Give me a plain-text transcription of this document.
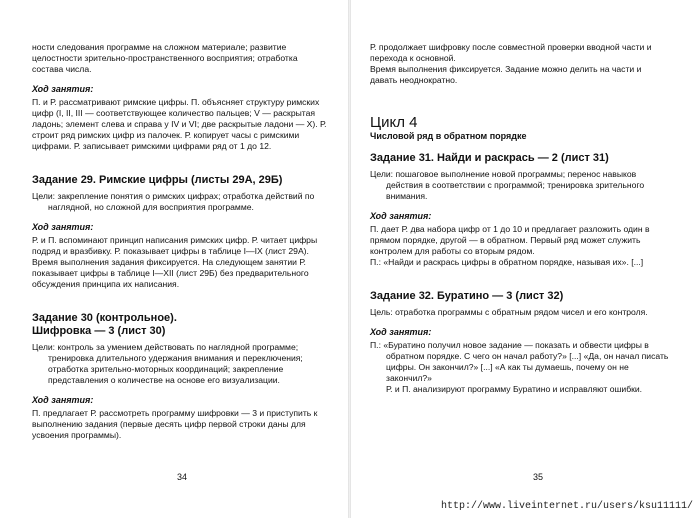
ности следования программе на сложном материале; развитие целостности зрительно-пространственного восприятия; отработка состава числа.

Ход занятия:

П. и Р. рассматривают римские цифры. П. объясняет структуру римских цифр (I, II, III — соответствующее количество пальцев; V — раскрытая ладонь; элемент слева и справа у IV и VI; две раскрытые ладони — X). Р. строит ряд римских цифр из палочек. Р. копирует часы с римскими цифрами. Р. записывает римскими цифрами ряд от 1 до 12.

Задание 29. Римские цифры (листы 29А, 29Б)

Цели: закрепление понятия о римских цифрах; отработка действий по наглядной, но сложной для восприятия программе.

Ход занятия:

Р. и П. вспоминают принцип написания римских цифр. Р. читает цифры подряд и вразбивку. Р. показывает цифры в таблице I—IX (лист 29А).

Время выполнения задания фиксируется. На следующем занятии Р. показывает цифры в таблице I—XII (лист 29Б) без предварительного обсуждения принципа их написания.

Задание 30 (контрольное).

Шифровка — 3 (лист 30)

Цели: контроль за умением действовать по наглядной программе; тренировка длительного удержания внимания и переключения; отработка зрительно-моторных координаций; закрепление представления о количестве на основе его визуализации.

Ход занятия:

П. предлагает Р. рассмотреть программу шифровки — 3 и приступить к выполнению задания (первые десять цифр первой строки даны для усвоения программы).

34

Р. продолжает шифровку после совместной проверки вводной части и перехода к основной.

Время выполнения фиксируется. Задание можно делить на части и давать неоднократно.

Цикл 4

Числовой ряд в обратном порядке

Задание 31. Найди и раскрась — 2 (лист 31)

Цели: пошаговое выполнение новой программы; перенос навыков действия в соответствии с программой; тренировка зрительного внимания.

Ход занятия:

П. дает Р. два набора цифр от 1 до 10 и предлагает разложить один в прямом порядке, другой — в обратном. Первый ряд может служить контролем для работы со вторым рядом.

П.: «Найди и раскрась цифры в обратном порядке, называя их». [...]

Задание 32. Буратино — 3 (лист 32)

Цель: отработка программы с обратным рядом чисел и его контроля.

Ход занятия:

П.: «Буратино получил новое задание — показать и обвести цифры в обратном порядке. С чего он начал работу?» [...] «Да, он начал писать цифры. Он закончил?» [...] «А как ты думаешь, почему он не закончил?»

Р. и П. анализируют программу Буратино и исправляют ошибки.

35
http://www.liveinternet.ru/users/ksu11111/
